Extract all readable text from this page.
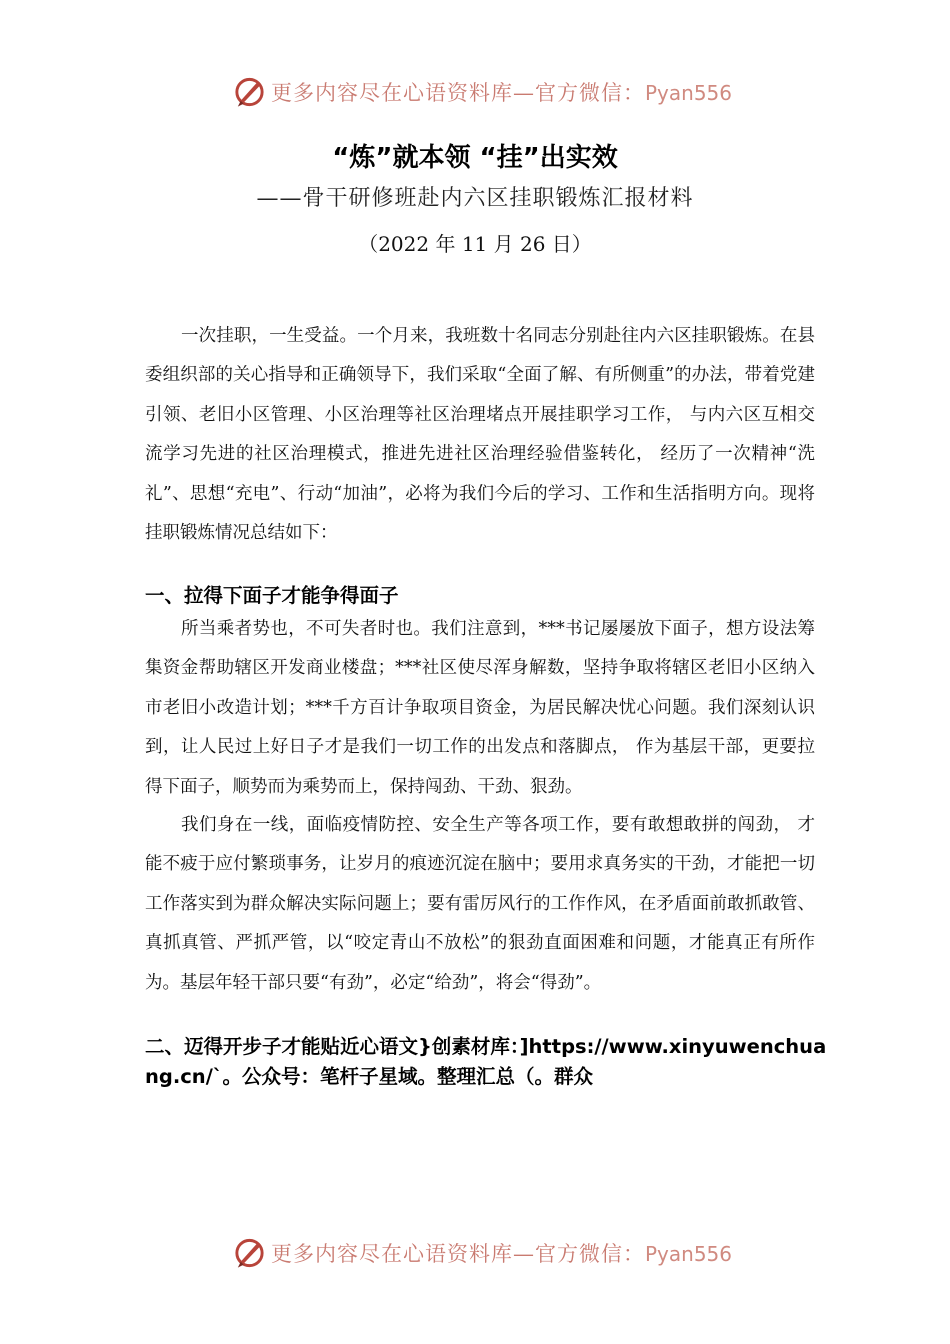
更多内容尽在心语资料库—官方微信：Pyan556
“炼”就本领 “挂”出实效
——骨干研修班赴内六区挂职锻炼汇报材料
（2022 年 11 月 26 日）
一次挂职，一生受益。一个月来，我班数十名同志分别赴往内六区挂职锻炼。在县委组织部的关心指导和正确领导下，我们采取“全面了解、有所侧重”的办法，带着党建引领、老旧小区管理、小区治理等社区治理堵点开展挂职学习工作， 与内六区互相交流学习先进的社区治理模式，推进先进社区治理经验借鉴转化， 经历了一次精神“洗礼”、思想“充电”、行动“加油”，必将为我们今后的学习、工作和生活指明方向。现将挂职锻炼情况总结如下：
一、拉得下面子才能争得面子
所当乘者势也，不可失者时也。我们注意到，***书记屡屡放下面子，想方设法筹集资金帮助辖区开发商业楼盘；***社区使尽浑身解数，坚持争取将辖区老旧小区纳入市老旧小改造计划；***千方百计争取项目资金，为居民解决忧心问题。我们深刻认识到，让人民过上好日子才是我们一切工作的出发点和落脚点， 作为基层干部，更要拉得下面子，顺势而为乘势而上，保持闯劲、干劲、狠劲。
我们身在一线，面临疫情防控、安全生产等各项工作，要有敢想敢拼的闯劲， 才能不疲于应付繁琐事务，让岁月的痕迹沉淀在脑中；要用求真务实的干劲，才能把一切工作落实到为群众解决实际问题上；要有雷厉风行的工作作风，在矛盾面前敢抓敢管、真抓真管、严抓严管，以“咬定青山不放松”的狠劲直面困难和问题，才能真正有所作为。基层年轻干部只要“有劲”，必定“给劲”，将会“得劲”。
二、迈得开步子才能贴近心语文}创素材库：]https://www.xinyuwenchuang.cn/`。公众号：笔杆子星域。整理汇总（。群众
更多内容尽在心语资料库—官方微信：Pyan556
